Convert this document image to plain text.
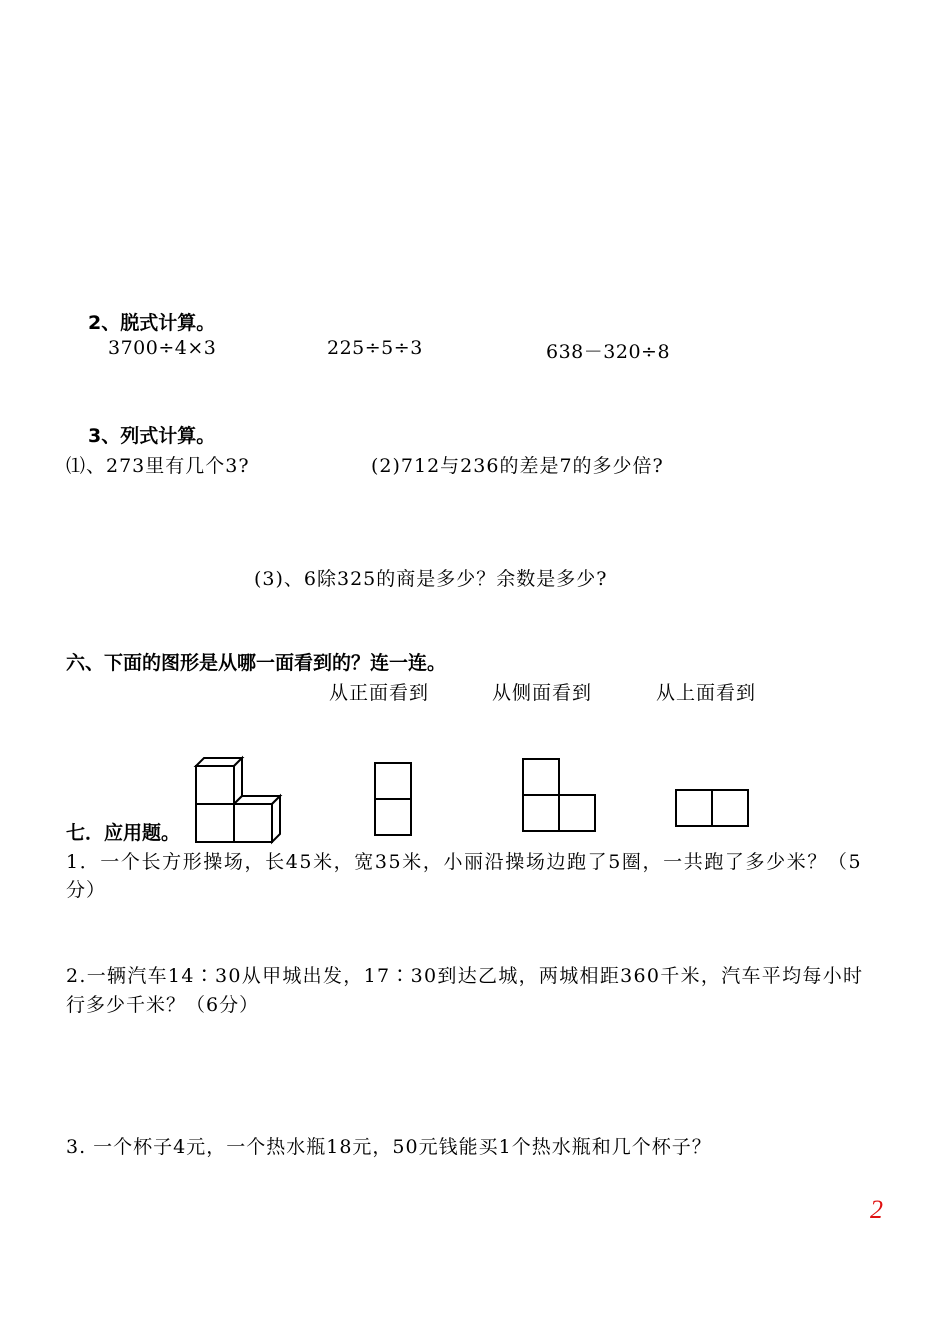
2、脱式计算。
3700÷4×3	225÷5÷3	638－320÷8
3、列式计算。
⑴、273里有几个3?	(2)712与236的差是7的多少倍?
(3)、6除325的商是多少？余数是多少?
六、下面的图形是从哪一面看到的？连一连。
从正面看到	从侧面看到	从上面看到
七．应用题。
1．一个长方形操场，长45米，宽35米，小丽沿操场边跑了5圈，一共跑了多少米？（5
分）
2.一辆汽车14∶30从甲城出发，17∶30到达乙城，两城相距360千米，汽车平均每小时
行多少千米？（6分）
3. 一个杯子4元，一个热水瓶18元，50元钱能买1个热水瓶和几个杯子？
2
